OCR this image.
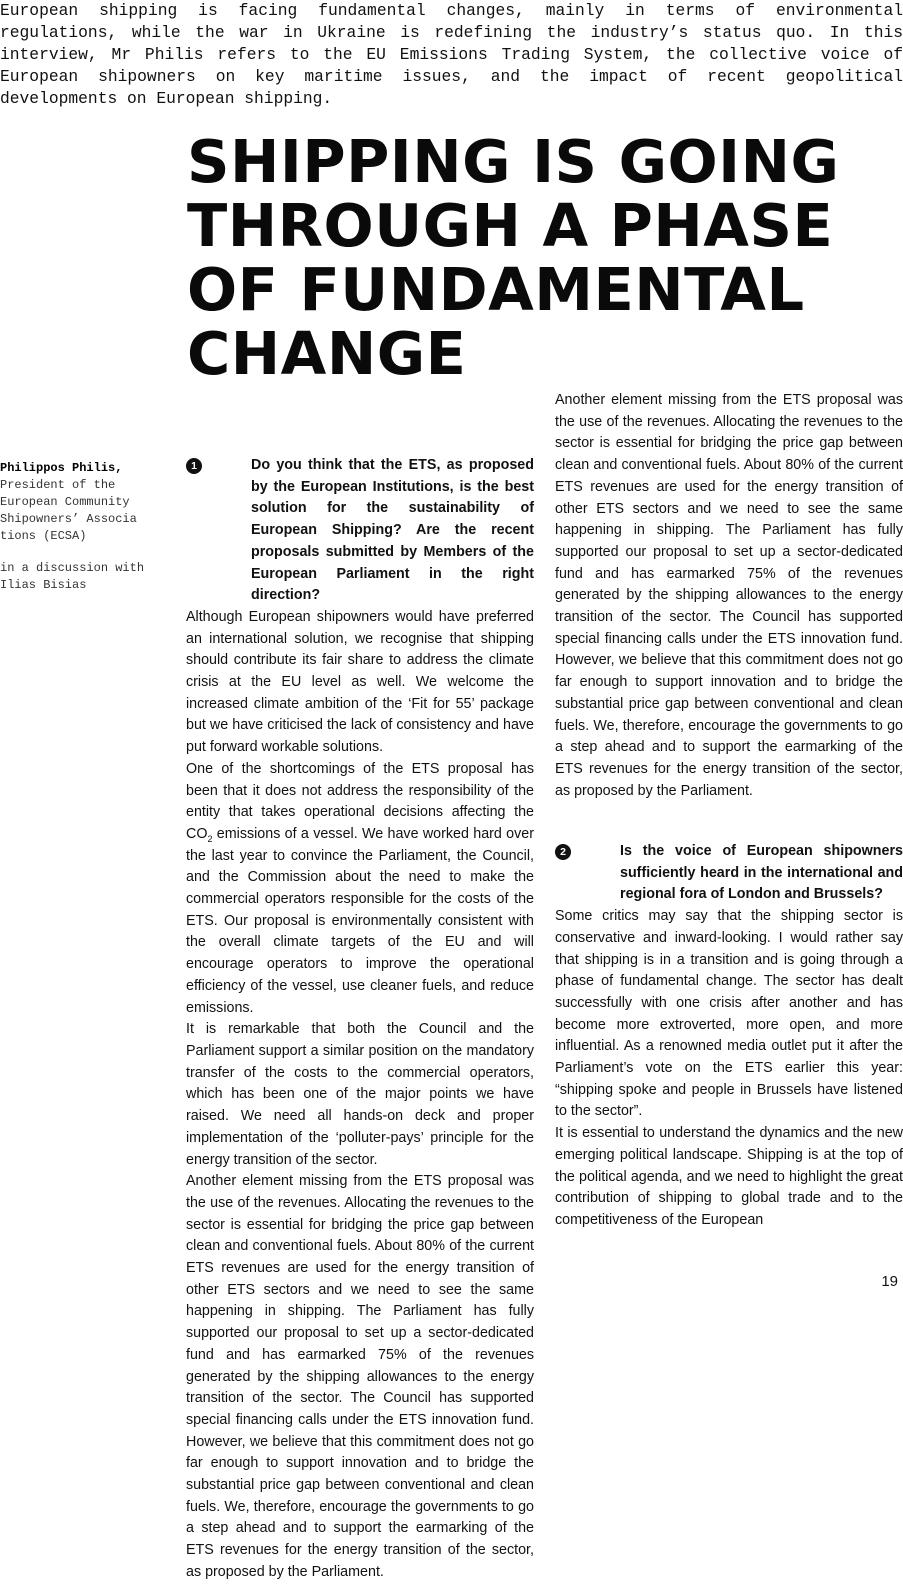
European shipping is facing fundamental changes, mainly in terms of environmental regulations, while the war in Ukraine is redefining the industry’s status quo. In this interview, Mr Philis refers to the EU Emissions Trading System, the collective voice of European shipowners on key maritime issues, and the impact of recent geopolitical developments on European shipping.

SHIPPING IS GOING
THROUGH A PHASE
OF FUNDAMENTAL
CHANGE

Philippos Philis,
President of the European Community Shipowners’ Associa tions (ECSA)

in a discussion with Ilias Bisias

1	Do you think that the ETS, as proposed by the European Institutions, is the best solution for the sustainability of European Shipping? Are the recent proposals submitted by Members of the European Parliament in the right direction?

Although European shipowners would have preferred an international solution, we recognise that shipping should contribute its fair share to address the climate crisis at the EU level as well. We welcome the increased climate ambition of the ‘Fit for 55’ package but we have criticised the lack of consistency and have put forward workable solutions.

One of the shortcomings of the ETS proposal has been that it does not address the responsibility of the entity that takes operational decisions affecting the $CO_2$ emissions of a vessel. We have worked hard over the last year to convince the Parliament, the Council, and the Commission about the need to make the commercial operators responsible for the costs of the ETS. Our proposal is environmentally consistent with the overall climate targets of the EU and will encourage operators to improve the operational efficiency of the vessel, use cleaner fuels, and reduce emissions.

It is remarkable that both the Council and the Parliament support a similar position on the mandatory transfer of the costs to the commercial operators, which has been one of the major points we have raised. We need all hands-on deck and proper implementation of the ‘polluter-pays’ principle for the energy transition of the sector.

Another element missing from the ETS proposal was the use of the revenues. Allocating the revenues to the sector is essential for bridging the price gap between clean and conventional fuels. About 80% of the current ETS revenues are used for the energy transition of other ETS sectors and we need to see the same happening in shipping. The Parliament has fully supported our proposal to set up a sector-dedicated fund and has earmarked 75% of the revenues generated by the shipping allowances to the energy transition of the sector. The Council has supported special financing calls under the ETS innovation fund. However, we believe that this commitment does not go far enough to support innovation and to bridge the substantial price gap between conventional and clean fuels. We, therefore, encourage the governments to go a step ahead and to support the earmarking of the ETS revenues for the energy transition of the sector, as proposed by the Parliament.

Another element missing from the ETS proposal was the use of the revenues. Allocating the revenues to the sector is essential for bridging the price gap between clean and conventional fuels. About 80% of the current ETS revenues are used for the energy transition of other ETS sectors and we need to see the same happening in shipping. The Parliament has fully supported our proposal to set up a sector-dedicated fund and has earmarked 75% of the revenues generated by the shipping allowances to the energy transition of the sector. The Council has supported special financing calls under the ETS innovation fund. However, we believe that this commitment does not go far enough to support innovation and to bridge the substantial price gap between conventional and clean fuels. We, therefore, encourage the governments to go a step ahead and to support the earmarking of the ETS revenues for the energy transition of the sector, as proposed by the Parliament.

2	Is the voice of European shipowners sufficiently heard in the international and regional fora of London and Brussels?

Some critics may say that the shipping sector is conservative and inward-looking. I would rather say that shipping is in a transition and is going through a phase of fundamental change. The sector has dealt successfully with one crisis after another and has become more extroverted, more open, and more influential. As a renowned media outlet put it after the Parliament’s vote on the ETS earlier this year: “shipping spoke and people in Brussels have listened to the sector”.

It is essential to understand the dynamics and the new emerging political landscape. Shipping is at the top of the political agenda, and we need to highlight the great contribution of shipping to global trade and to the competitiveness of the European

19
